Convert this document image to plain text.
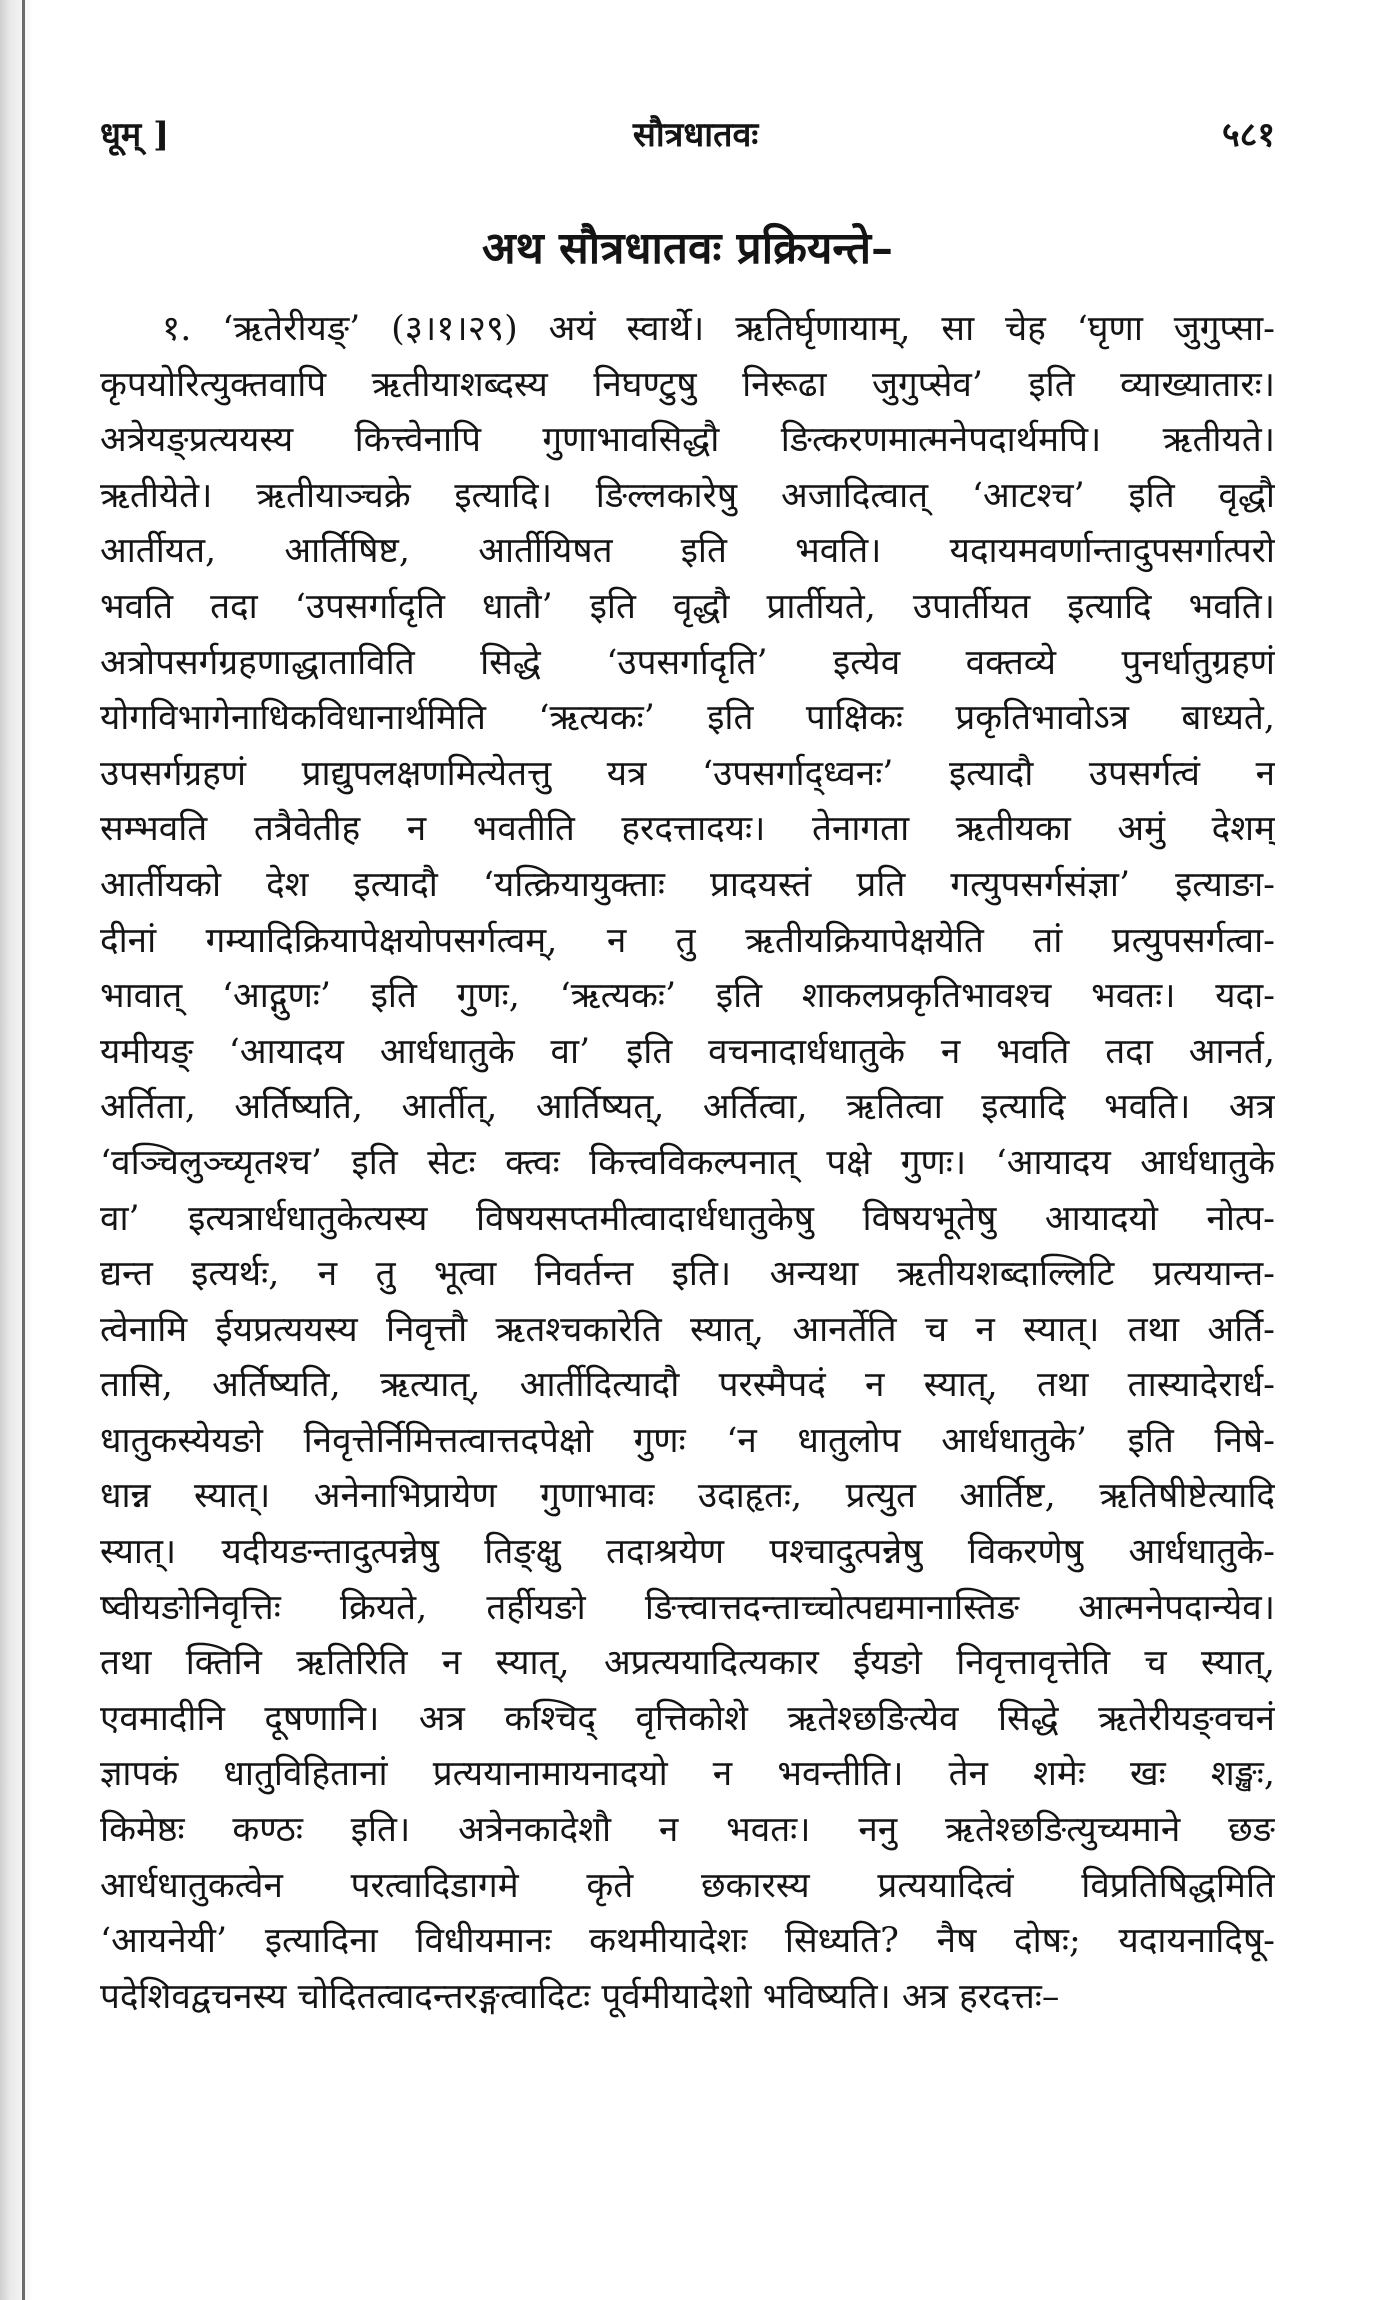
धूम् ]	सौत्रधातवः	५८१
अथ सौत्रधातवः प्रक्रियन्ते–
१. ‘ऋतेरीयङ्’ (३।१।२९) अयं स्वार्थे। ऋतिर्घृणायाम्, सा चेह ‘घृणा जुगुप्सा-
कृपयोरित्युक्तवापि ऋतीयाशब्दस्य निघण्टुषु निरूढा जुगुप्सेव’ इति व्याख्यातारः।
अत्रेयङ्प्रत्ययस्य कित्त्वेनापि गुणाभावसिद्धौ ङित्करणमात्मनेपदार्थमपि। ऋतीयते।
ऋतीयेते। ऋतीयाञ्चक्रे इत्यादि। ङिल्लकारेषु अजादित्वात् ‘आटश्च’ इति वृद्धौ
आर्तीयत, आर्तिषिष्ट, आर्तीयिषत इति भवति। यदायमवर्णान्तादुपसर्गात्परो
भवति तदा ‘उपसर्गादृति धातौ’ इति वृद्धौ प्रार्तीयते, उपार्तीयत इत्यादि भवति।
अत्रोपसर्गग्रहणाद्धाताविति सिद्धे ‘उपसर्गादृति’ इत्येव वक्तव्ये पुनर्धातुग्रहणं
योगविभागेनाधिकविधानार्थमिति ‘ऋत्यकः’ इति पाक्षिकः प्रकृतिभावोऽत्र बाध्यते,
उपसर्गग्रहणं प्राद्युपलक्षणमित्येतत्तु यत्र ‘उपसर्गाद्ध्वनः’ इत्यादौ उपसर्गत्वं न
सम्भवति तत्रैवेतीह न भवतीति हरदत्तादयः। तेनागता ऋतीयका अमुं देशम्
आर्तीयको देश इत्यादौ ‘यत्क्रियायुक्ताः प्रादयस्तं प्रति गत्युपसर्गसंज्ञा’ इत्याङा-
दीनां गम्यादिक्रियापेक्षयोपसर्गत्वम्, न तु ऋतीयक्रियापेक्षयेति तां प्रत्युपसर्गत्वा-
भावात् ‘आद्गुणः’ इति गुणः, ‘ऋत्यकः’ इति शाकलप्रकृतिभावश्च भवतः। यदा-
यमीयङ् ‘आयादय आर्धधातुके वा’ इति वचनादार्धधातुके न भवति तदा आनर्त,
अर्तिता, अर्तिष्यति, आर्तीत्, आर्तिष्यत्, अर्तित्वा, ऋतित्वा इत्यादि भवति। अत्र
‘वञ्चिलुञ्च्यृतश्च’ इति सेटः क्त्वः कित्त्वविकल्पनात् पक्षे गुणः। ‘आयादय आर्धधातुके
वा’ इत्यत्रार्धधातुकेत्यस्य विषयसप्तमीत्वादार्धधातुकेषु विषयभूतेषु आयादयो नोत्प-
द्यन्त इत्यर्थः, न तु भूत्वा निवर्तन्त इति। अन्यथा ऋतीयशब्दाल्लिटि प्रत्ययान्त-
त्वेनामि ईयप्रत्ययस्य निवृत्तौ ऋतश्चकारेति स्यात्, आनर्तेति च न स्यात्। तथा अर्ति-
तासि, अर्तिष्यति, ऋत्यात्, आर्तीदित्यादौ परस्मैपदं न स्यात्, तथा तास्यादेरार्ध-
धातुकस्येयङो निवृत्तेर्निमित्तत्वात्तदपेक्षो गुणः ‘न धातुलोप आर्धधातुके’ इति निषे-
धान्न स्यात्। अनेनाभिप्रायेण गुणाभावः उदाहृतः, प्रत्युत आर्तिष्ट, ऋतिषीष्टेत्यादि
स्यात्। यदीयङन्तादुत्पन्नेषु तिङ्क्षु तदाश्रयेण पश्चादुत्पन्नेषु विकरणेषु आर्धधातुके-
ष्वीयङोनिवृत्तिः क्रियते, तर्हीयङो ङित्त्वात्तदन्ताच्चोत्पद्यमानास्तिङ आत्मनेपदान्येव।
तथा क्तिनि ऋतिरिति न स्यात्, अप्रत्ययादित्यकार ईयङो निवृत्तावृत्तेति च स्यात्,
एवमादीनि दूषणानि। अत्र कश्चिद् वृत्तिकोशे ऋतेश्छङित्येव सिद्धे ऋतेरीयङ्वचनं
ज्ञापकं धातुविहितानां प्रत्ययानामायनादयो न भवन्तीति। तेन शमेः खः शङ्खः,
किमेष्ठः कण्ठः इति। अत्रेनकादेशौ न भवतः। ननु ऋतेश्छङित्युच्यमाने छङ
आर्धधातुकत्वेन परत्वादिडागमे कृते छकारस्य प्रत्ययादित्वं विप्रतिषिद्धमिति
‘आयनेयी’ इत्यादिना विधीयमानः कथमीयादेशः सिध्यति? नैष दोषः; यदायनादिषू-
पदेशिवद्वचनस्य चोदितत्वादन्तरङ्गत्वादिटः पूर्वमीयादेशो भविष्यति। अत्र हरदत्तः–
